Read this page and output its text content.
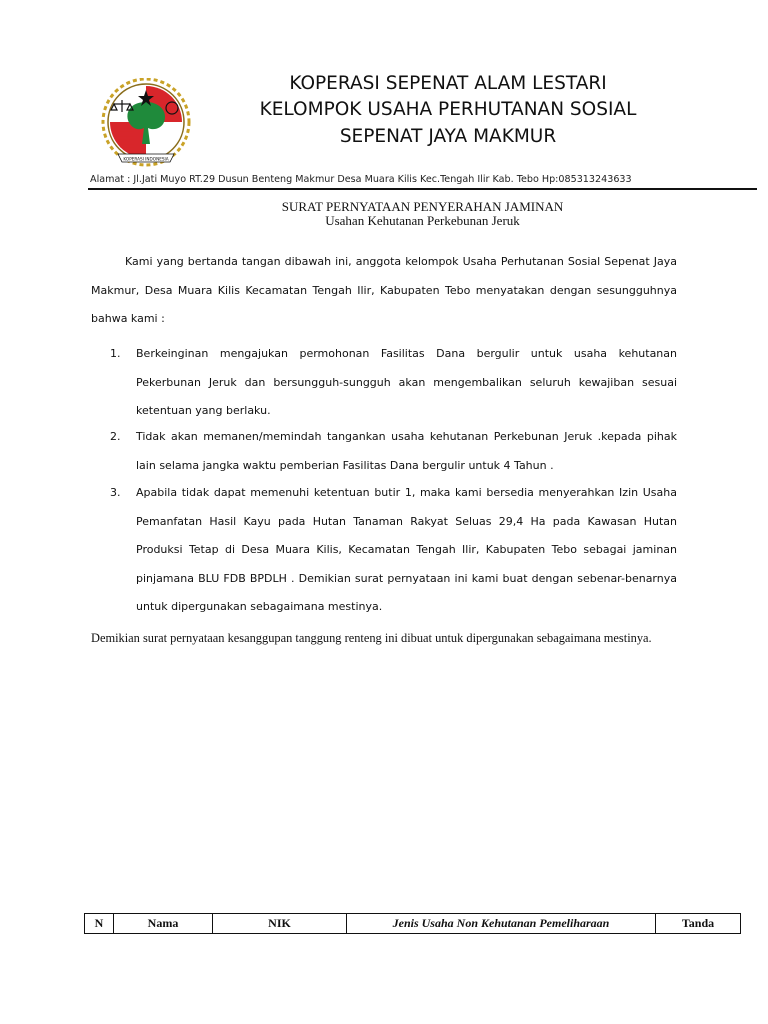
KOPERASI INDONESIA
KOPERASI SEPENAT ALAM LESTARI
KELOMPOK USAHA PERHUTANAN SOSIAL
SEPENAT JAYA MAKMUR
Alamat : Jl.Jati Muyo RT.29 Dusun Benteng Makmur Desa Muara Kilis Kec.Tengah Ilir Kab. Tebo Hp:085313243633
SURAT PERNYATAAN PENYERAHAN JAMINAN
Usahan Kehutanan Perkebunan Jeruk

Kami yang bertanda tangan dibawah ini, anggota kelompok Usaha Perhutanan Sosial Sepenat Jaya Makmur, Desa Muara Kilis Kecamatan Tengah Ilir, Kabupaten Tebo menyatakan dengan sesungguhnya bahwa kami :

1.	Berkeinginan mengajukan permohonan Fasilitas Dana bergulir untuk usaha kehutanan Pekerbunan Jeruk dan bersungguh-sungguh akan mengembalikan seluruh kewajiban sesuai ketentuan yang berlaku.

2.	Tidak akan memanen/memindah tangankan usaha kehutanan Perkebunan Jeruk .kepada pihak lain selama jangka waktu pemberian Fasilitas Dana bergulir untuk 4 Tahun .

3.	Apabila tidak dapat memenuhi ketentuan butir 1, maka kami bersedia menyerahkan Izin Usaha Pemanfatan Hasil Kayu pada Hutan Tanaman Rakyat Seluas 29,4 Ha pada Kawasan Hutan Produksi Tetap di Desa Muara Kilis, Kecamatan Tengah Ilir, Kabupaten Tebo sebagai jaminan pinjamana BLU FDB BPDLH . Demikian surat pernyataan ini kami buat dengan sebenar-benarnya untuk dipergunakan sebagaimana mestinya.

Demikian surat pernyataan kesanggupan tanggung renteng ini dibuat untuk dipergunakan sebagaimana mestinya.

N	Nama	NIK	Jenis Usaha Non Kehutanan Pemeliharaan	Tanda
